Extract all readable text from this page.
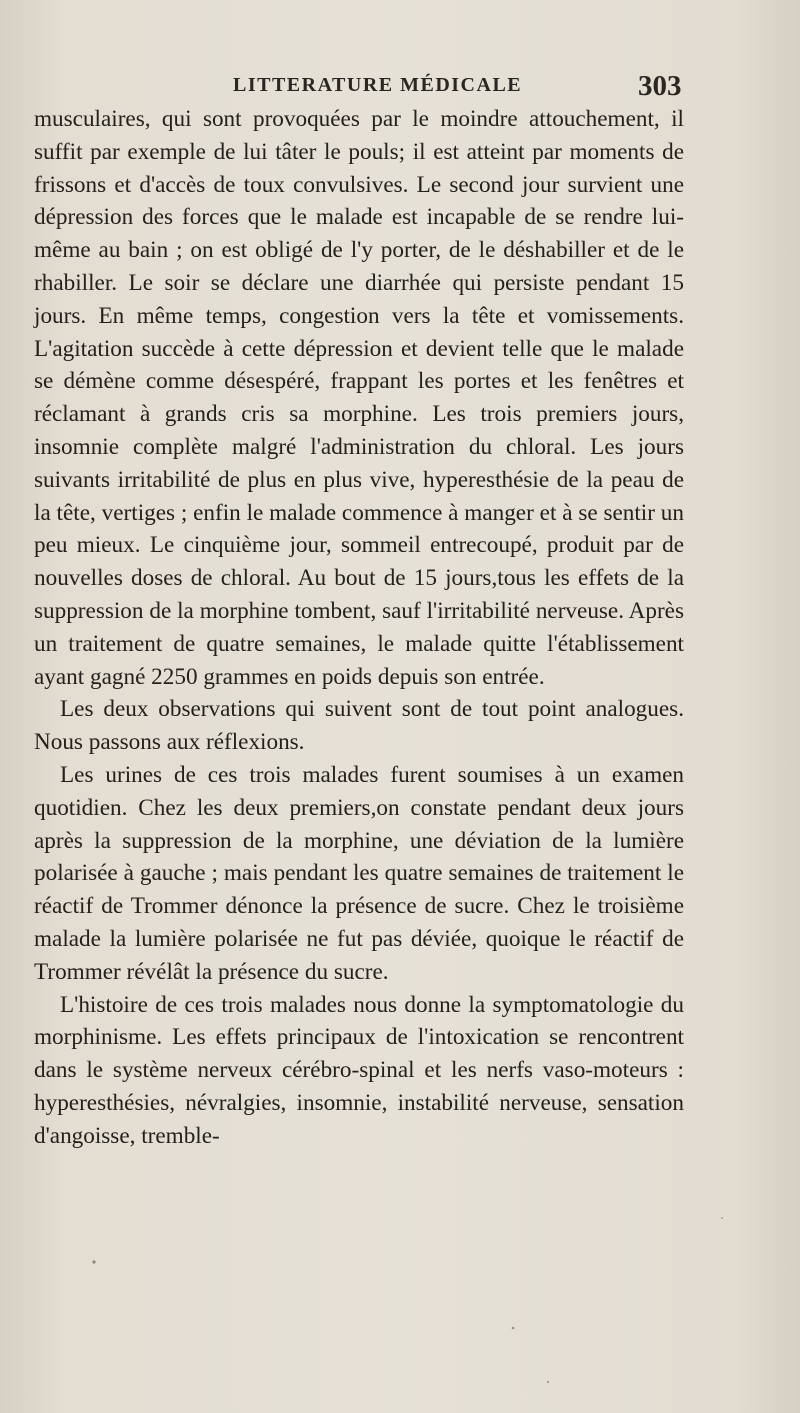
LITTERATURE MÉDICALE	303

musculaires, qui sont provoquées par le moindre attouchement, il suffit par exemple de lui tâter le pouls; il est atteint par moments de frissons et d'accès de toux convulsives. Le second jour survient une dépression des forces que le malade est incapable de se rendre lui-même au bain ; on est obligé de l'y porter, de le déshabiller et de le rhabiller. Le soir se déclare une diarrhée qui persiste pendant 15 jours. En même temps, congestion vers la tête et vomissements. L'agitation succède à cette dépression et devient telle que le malade se démène comme désespéré, frappant les portes et les fenêtres et réclamant à grands cris sa morphine. Les trois premiers jours, insomnie complète malgré l'administration du chloral. Les jours suivants irritabilité de plus en plus vive, hyperesthésie de la peau de la tête, vertiges ; enfin le malade commence à manger et à se sentir un peu mieux. Le cinquième jour, sommeil entrecoupé, produit par de nouvelles doses de chloral. Au bout de 15 jours,tous les effets de la suppression de la morphine tombent, sauf l'irritabilité nerveuse. Après un traitement de quatre semaines, le malade quitte l'établissement ayant gagné 2250 grammes en poids depuis son entrée.

Les deux observations qui suivent sont de tout point analogues. Nous passons aux réflexions.

Les urines de ces trois malades furent soumises à un examen quotidien. Chez les deux premiers,on constate pendant deux jours après la suppression de la morphine, une déviation de la lumière polarisée à gauche ; mais pendant les quatre semaines de traitement le réactif de Trommer dénonce la présence de sucre. Chez le troisième malade la lumière polarisée ne fut pas déviée, quoique le réactif de Trommer révélât la présence du sucre.

L'histoire de ces trois malades nous donne la symptomatologie du morphinisme. Les effets principaux de l'intoxication se rencontrent dans le système nerveux cérébro-spinal et les nerfs vaso-moteurs : hyperesthésies, névralgies, insomnie, instabilité nerveuse, sensation d'angoisse, tremble-
